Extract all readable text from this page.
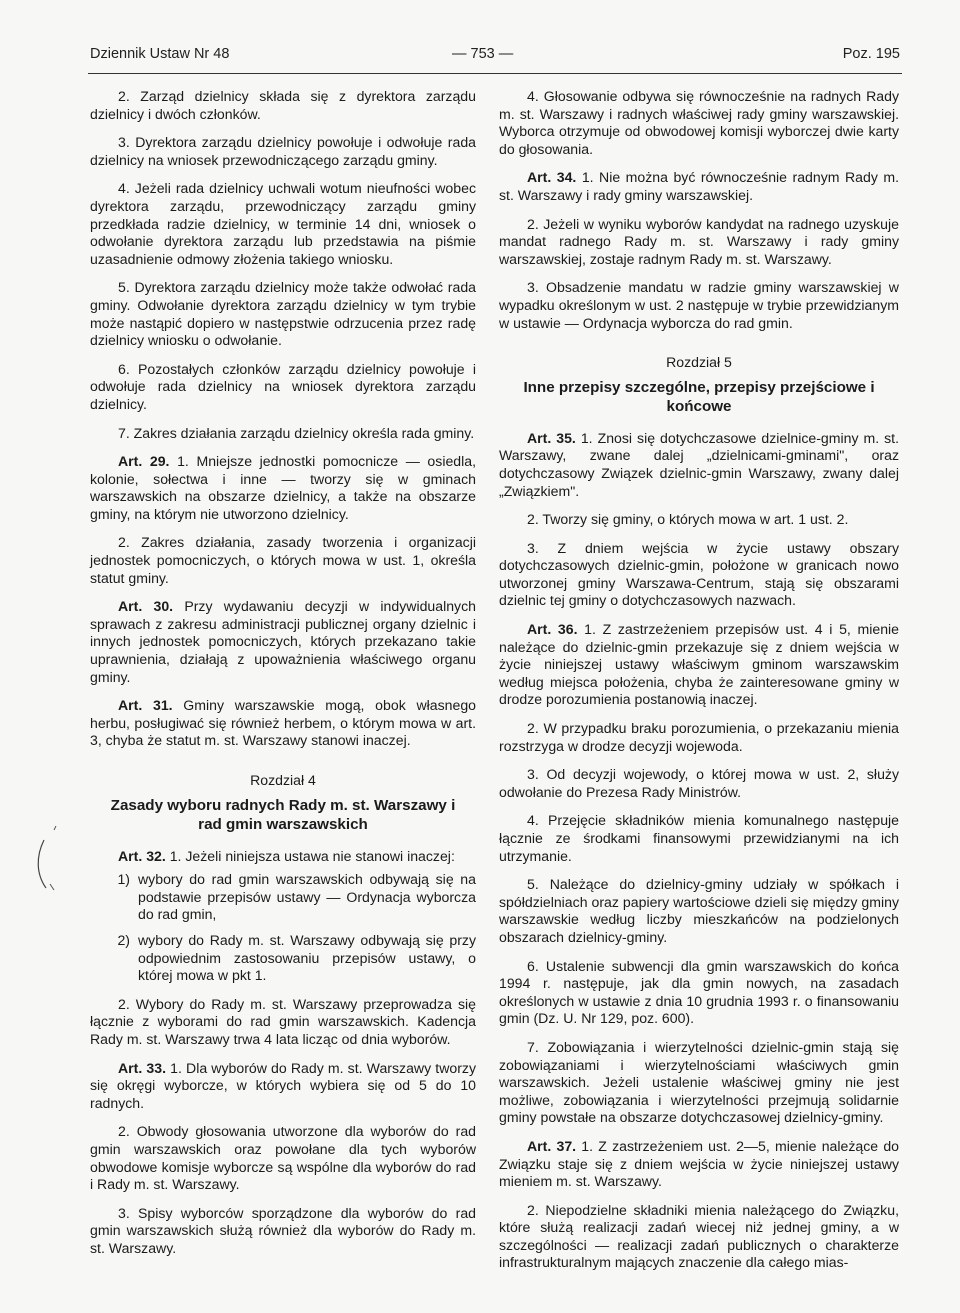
Dziennik Ustaw Nr 48	— 753 —	Poz. 195

2. Zarząd dzielnicy składa się z dyrektora zarządu dzielnicy i dwóch członków.

3. Dyrektora zarządu dzielnicy powołuje i odwołuje rada dzielnicy na wniosek przewodniczącego zarządu gminy.

4. Jeżeli rada dzielnicy uchwali wotum nieufności wobec dyrektora zarządu, przewodniczący zarządu gminy przedkłada radzie dzielnicy, w terminie 14 dni, wniosek o odwołanie dyrektora zarządu lub przedstawia na piśmie uzasadnienie odmowy złożenia takiego wniosku.

5. Dyrektora zarządu dzielnicy może także odwołać rada gminy. Odwołanie dyrektora zarządu dzielnicy w tym trybie może nastąpić dopiero w następstwie odrzucenia przez radę dzielnicy wniosku o odwołanie.

6. Pozostałych członków zarządu dzielnicy powołuje i odwołuje rada dzielnicy na wniosek dyrektora zarządu dzielnicy.

7. Zakres działania zarządu dzielnicy określa rada gminy.

Art. 29. 1. Mniejsze jednostki pomocnicze — osiedla, kolonie, sołectwa i inne — tworzy się w gminach warszawskich na obszarze dzielnicy, a także na obszarze gminy, na którym nie utworzono dzielnicy.

2. Zakres działania, zasady tworzenia i organizacji jednostek pomocniczych, o których mowa w ust. 1, określa statut gminy.

Art. 30. Przy wydawaniu decyzji w indywidualnych sprawach z zakresu administracji publicznej organy dzielnic i innych jednostek pomocniczych, których przekazano takie uprawnienia, działają z upoważnienia właściwego organu gminy.

Art. 31. Gminy warszawskie mogą, obok własnego herbu, posługiwać się również herbem, o którym mowa w art. 3, chyba że statut m. st. Warszawy stanowi inaczej.

Rozdział 4

Zasady wyboru radnych Rady m. st. Warszawy i rad gmin warszawskich

Art. 32. 1. Jeżeli niniejsza ustawa nie stanowi inaczej:

1) wybory do rad gmin warszawskich odbywają się na podstawie przepisów ustawy — Ordynacja wyborcza do rad gmin,
2) wybory do Rady m. st. Warszawy odbywają się przy odpowiednim zastosowaniu przepisów ustawy, o której mowa w pkt 1.

2. Wybory do Rady m. st. Warszawy przeprowadza się łącznie z wyborami do rad gmin warszawskich. Kadencja Rady m. st. Warszawy trwa 4 lata licząc od dnia wyborów.

Art. 33. 1. Dla wyborów do Rady m. st. Warszawy tworzy się okręgi wyborcze, w których wybiera się od 5 do 10 radnych.

2. Obwody głosowania utworzone dla wyborów do rad gmin warszawskich oraz powołane dla tych wyborów obwodowe komisje wyborcze są wspólne dla wyborów do rad i Rady m. st. Warszawy.

3. Spisy wyborców sporządzone dla wyborów do rad gmin warszawskich służą również dla wyborów do Rady m. st. Warszawy.

4. Głosowanie odbywa się równocześnie na radnych Rady m. st. Warszawy i radnych właściwej rady gminy warszawskiej. Wyborca otrzymuje od obwodowej komisji wyborczej dwie karty do głosowania.

Art. 34. 1. Nie można być równocześnie radnym Rady m. st. Warszawy i rady gminy warszawskiej.

2. Jeżeli w wyniku wyborów kandydat na radnego uzyskuje mandat radnego Rady m. st. Warszawy i rady gminy warszawskiej, zostaje radnym Rady m. st. Warszawy.

3. Obsadzenie mandatu w radzie gminy warszawskiej w wypadku określonym w ust. 2 następuje w trybie przewidzianym w ustawie — Ordynacja wyborcza do rad gmin.

Rozdział 5

Inne przepisy szczególne, przepisy przejściowe i końcowe

Art. 35. 1. Znosi się dotychczasowe dzielnice-gminy m. st. Warszawy, zwane dalej „dzielnicami-gminami", oraz dotychczasowy Związek dzielnic-gmin Warszawy, zwany dalej „Związkiem".

2. Tworzy się gminy, o których mowa w art. 1 ust. 2.

3. Z dniem wejścia w życie ustawy obszary dotychczasowych dzielnic-gmin, położone w granicach nowo utworzonej gminy Warszawa-Centrum, stają się obszarami dzielnic tej gminy o dotychczasowych nazwach.

Art. 36. 1. Z zastrzeżeniem przepisów ust. 4 i 5, mienie należące do dzielnic-gmin przekazuje się z dniem wejścia w życie niniejszej ustawy właściwym gminom warszawskim według miejsca położenia, chyba że zainteresowane gminy w drodze porozumienia postanowią inaczej.

2. W przypadku braku porozumienia, o przekazaniu mienia rozstrzyga w drodze decyzji wojewoda.

3. Od decyzji wojewody, o której mowa w ust. 2, służy odwołanie do Prezesa Rady Ministrów.

4. Przejęcie składników mienia komunalnego następuje łącznie ze środkami finansowymi przewidzianymi na ich utrzymanie.

5. Należące do dzielnicy-gminy udziały w spółkach i spółdzielniach oraz papiery wartościowe dzieli się między gminy warszawskie według liczby mieszkańców na podzielonych obszarach dzielnicy-gminy.

6. Ustalenie subwencji dla gmin warszawskich do końca 1994 r. następuje, jak dla gmin nowych, na zasadach określonych w ustawie z dnia 10 grudnia 1993 r. o finansowaniu gmin (Dz. U. Nr 129, poz. 600).

7. Zobowiązania i wierzytelności dzielnic-gmin stają się zobowiązaniami i wierzytelnościami właściwych gmin warszawskich. Jeżeli ustalenie właściwej gminy nie jest możliwe, zobowiązania i wierzytelności przejmują solidarnie gminy powstałe na obszarze dotychczasowej dzielnicy-gminy.

Art. 37. 1. Z zastrzeżeniem ust. 2—5, mienie należące do Związku staje się z dniem wejścia w życie niniejszej ustawy mieniem m. st. Warszawy.

2. Niepodzielne składniki mienia należącego do Związku, które służą realizacji zadań wiecej niż jednej gminy, a w szczególności — realizacji zadań publicznych o charakterze infrastrukturalnym mających znaczenie dla całego mias-
